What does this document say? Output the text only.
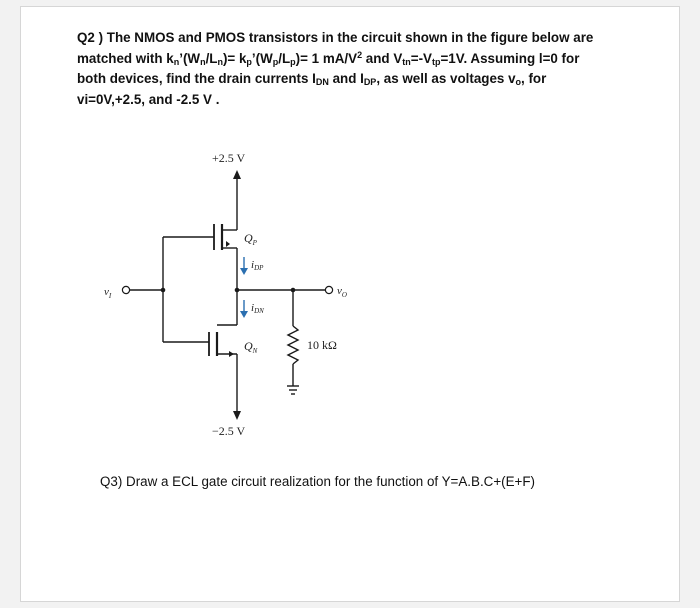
Q2 ) The NMOS and PMOS transistors in the circuit shown in the figure below are matched with $k_n’(W_n/L_n)=$ $k_p’(W_p/L_p)= 1$ $mA/V^2$ and $V_{tn}=-V_{tp}=1V$. Assuming l=0 for both devices, find the drain currents $I_{DN}$ and $I_{DP}$, as well as voltages $v_o$, for vi=0V,+2.5, and -2.5 V .

+2.5 V
−2.5 V
$v_I$	$v_O$
$Q_P$
$Q_N$
iDP
iDN
10 kΩ

Q3) Draw a ECL gate circuit realization for the function of Y=A.B.C+(E+F)
